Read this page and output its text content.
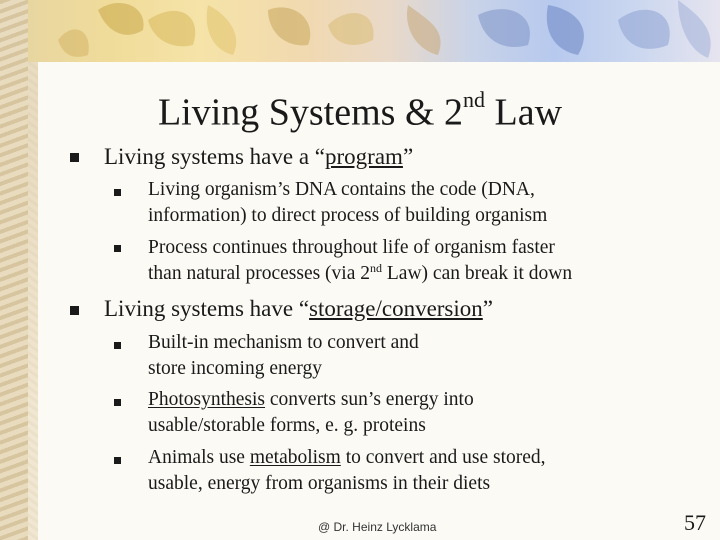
Living Systems & 2nd Law
Living systems have a “program”
Living organism’s DNA contains the code (DNA,
information) to direct process of building organism
Process continues throughout life of organism faster
than natural processes (via 2nd Law) can break it down
Living systems have “storage/conversion”
Built-in mechanism to convert and
store incoming energy
Photosynthesis converts sun’s energy into
usable/storable forms, e. g. proteins
Animals use metabolism to convert and use stored,
usable, energy from organisms in their diets
@ Dr. Heinz Lycklama	57
